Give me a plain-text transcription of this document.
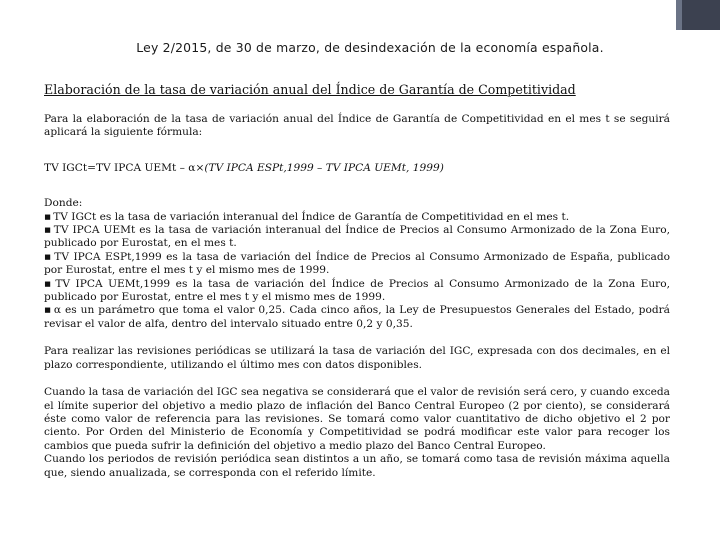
Ley 2/2015, de 30 de marzo, de desindexación de la economía española.
Elaboración de la tasa de variación anual del Índice de Garantía de Competitividad

Para la elaboración de la tasa de variación anual del Índice de Garantía de Competitividad en el mes t se seguirá aplicará la siguiente fórmula:

TV IGCt=TV IPCA UEMt – α×(TV IPCA ESPt,1999 – TV IPCA UEMt, 1999)

Donde:

▪ TV IGCt es la tasa de variación interanual del Índice de Garantía de Competitividad en el mes t.

▪ TV IPCA UEMt es la tasa de variación interanual del Índice de Precios al Consumo Armonizado de la Zona Euro, publicado por Eurostat, en el mes t.

▪ TV IPCA ESPt,1999 es la tasa de variación del Índice de Precios al Consumo Armonizado de España, publicado por Eurostat, entre el mes t y el mismo mes de 1999.

▪ TV IPCA UEMt,1999 es la tasa de variación del Índice de Precios al Consumo Armonizado de la Zona Euro, publicado por Eurostat, entre el mes t y el mismo mes de 1999.

▪ α es un parámetro que toma el valor 0,25. Cada cinco años, la Ley de Presupuestos Generales del Estado, podrá revisar el valor de alfa, dentro del intervalo situado entre 0,2 y 0,35.

Para realizar las revisiones periódicas se utilizará la tasa de variación del IGC, expresada con dos decimales, en el plazo correspondiente, utilizando el último mes con datos disponibles.

Cuando la tasa de variación del IGC sea negativa se considerará que el valor de revisión será cero, y cuando exceda el límite superior del objetivo a medio plazo de inflación del Banco Central Europeo (2 por ciento), se considerará éste como valor de referencia para las revisiones. Se tomará como valor cuantitativo de dicho objetivo el 2 por ciento. Por Orden del Ministerio de Economía y Competitividad se podrá modificar este valor para recoger los cambios que pueda sufrir la definición del objetivo a medio plazo del Banco Central Europeo.

Cuando los periodos de revisión periódica sean distintos a un año, se tomará como tasa de revisión máxima aquella que, siendo anualizada, se corresponda con el referido límite.
